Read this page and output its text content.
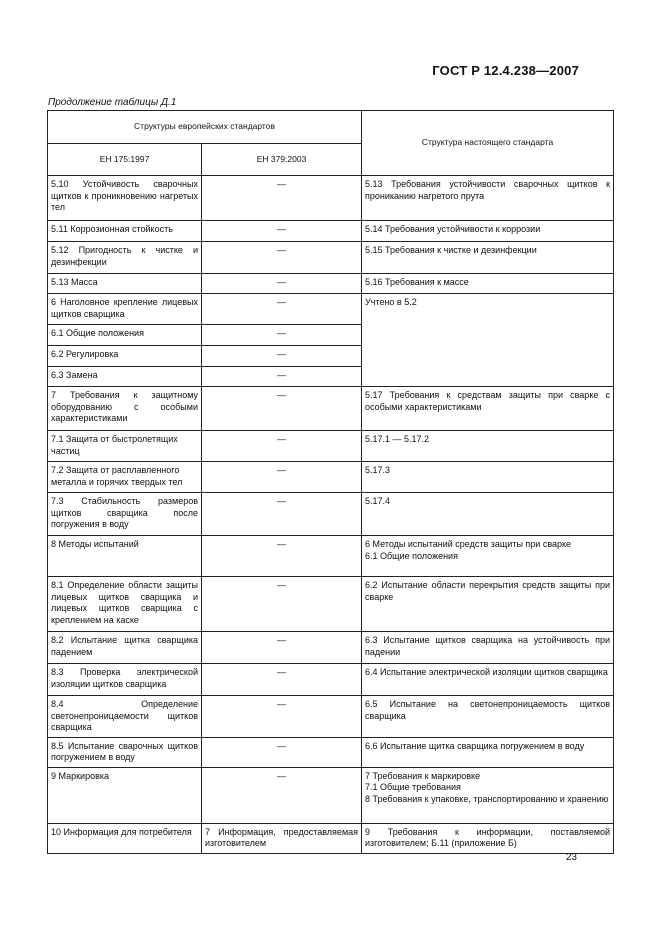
ГОСТ Р 12.4.238—2007
Продолжение таблицы Д.1
Структуры европейских стандартов		Структура настоящего стандарта
ЕН 175:1997	ЕН 379:2003	
5.10 Устойчивость сварочных щитков к проникновению нагретых тел	—	5.13 Требования устойчивости сварочных щитков к прониканию нагретого прута
5.11 Коррозионная стойкость	—	5.14 Требования устойчивости к коррозии
5.12 Пригодность к чистке и дезинфекции	—	5.15 Требования к чистке и дезинфекции
5.13 Масса	—	5.16 Требования к массе
6 Наголовное крепление лицевых щитков сварщика	—	Учтено в 5.2
6.1 Общие положения	—	
6.2 Регулировка	—	
6.3 Замена	—	
7 Требования к защитному оборудованию с особыми характеристиками	—	5.17 Требования к средствам защиты при сварке с особыми характеристиками
7.1 Защита от быстролетящих частиц	—	5.17.1 — 5.17.2
7.2 Защита от расплавленного металла и горячих твердых тел	—	5.17.3
7.3 Стабильность размеров щитков сварщика после погружения в воду	—	5.17.4
8 Методы испытаний	—	6 Методы испытаний средств защиты при сварке
6.1 Общие положения

8.1 Определение области защиты лицевых щитков сварщика и лицевых щитков сварщика с креплением на каске	—	6.2 Испытание области перекрытия средств защиты при сварке
8.2 Испытание щитка сварщика падением	—	6.3 Испытание щитков сварщика на устойчивость при падении
8.3 Проверка электрической изоляции щитков сварщика	—	6.4 Испытание электрической изоляции щитков сварщика
8.4 Определение светонепроницаемости щитков сварщика	—	6.5 Испытание на светонепроницаемость щитков сварщика
8.5 Испытание сварочных щитков погружением в воду	—	6.6 Испытание щитка сварщика погружением в воду
9 Маркировка	—	7 Требования к маркировке
7.1 Общие требования
8 Требования к упаковке, транспортированию и хранению

10 Информация для потребителя	7 Информация, предоставляемая изготовителем	9 Требования к информации, поставляемой изготовителем; Б.11 (приложение Б)
23
